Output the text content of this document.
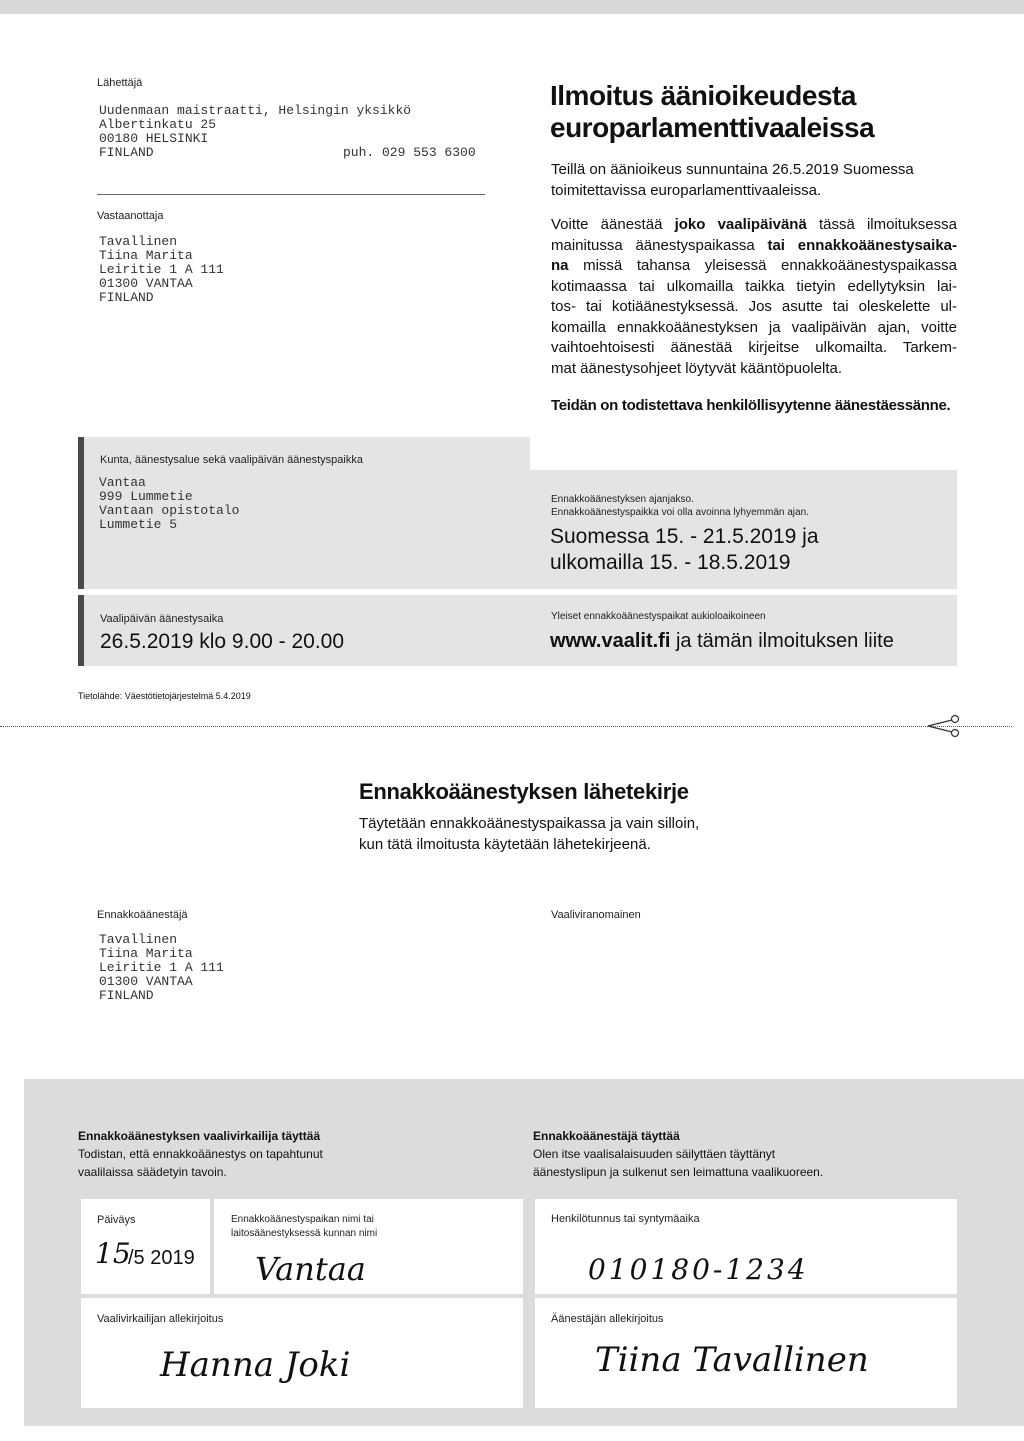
Lähettäjä
Uudenmaan maistraatti, Helsingin yksikkö
Albertinkatu 25
00180 HELSINKI
FINLAND	puh. 029 553 6300
Vastaanottaja
Tavallinen
Tiina Marita
Leiritie 1 A 111
01300 VANTAA
FINLAND
Ilmoitus äänioikeudesta
europarlamenttivaaleissa
Teillä on äänioikeus sunnuntaina 26.5.2019 Suomessa
toimitettavissa europarlamenttivaaleissa.
Voitte äänestää joko vaalipäivänä tässä ilmoituksessa
mainitussa äänestyspaikassa tai ennakkoäänestysaika-
na missä tahansa yleisessä ennakkoäänestyspaikassa
kotimaassa tai ulkomailla taikka tietyin edellytyksin lai-
tos- tai kotiäänestyksessä. Jos asutte tai oleskelette ul-
komailla ennakkoäänestyksen ja vaalipäivän ajan, voitte
vaihtoehtoisesti äänestää kirjeitse ulkomailta. Tarkem-
mat äänestysohjeet löytyvät kääntöpuolelta.
Teidän on todistettava henkilöllisyytenne äänestäessänne.
Kunta, äänestysalue sekä vaalipäivän äänestyspaikka
Vantaa
999 Lummetie
Vantaan opistotalo
Lummetie 5
Ennakkoäänestyksen ajanjakso.
Ennakkoäänestyspaikka voi olla avoinna lyhyemmän ajan.
Suomessa 15. - 21.5.2019 ja
ulkomailla 15. - 18.5.2019
Vaalipäivän äänestysaika
26.5.2019 klo 9.00 - 20.00
Yleiset ennakkoäänestyspaikat aukioloaikoineen
www.vaalit.fi ja tämän ilmoituksen liite
Tietolähde: Väestötietojärjestelmä 5.4.2019
Ennakkoäänestyksen lähetekirje
Täytetään ennakkoäänestyspaikassa ja vain silloin,
kun tätä ilmoitusta käytetään lähetekirjeenä.
Ennakkoäänestäjä
Tavallinen
Tiina Marita
Leiritie 1 A 111
01300 VANTAA
FINLAND
Vaaliviranomainen
Ennakkoäänestyksen vaalivirkailija täyttää
Todistan, että ennakkoäänestys on tapahtunut
vaalilaissa säädetyin tavoin.
Ennakkoäänestäjä täyttää
Olen itse vaalisalaisuuden säilyttäen täyttänyt
äänestyslipun ja sulkenut sen leimattuna vaalikuoreen.
Päiväys
15
/5 2019
Ennakkoäänestyspaikan nimi tai
laitosäänestyksessä kunnan nimi
Vantaa
Henkilötunnus tai syntymäaika
010180-1234
Vaalivirkailijan allekirjoitus
Hanna Joki
Äänestäjän allekirjoitus
Tiina Tavallinen
